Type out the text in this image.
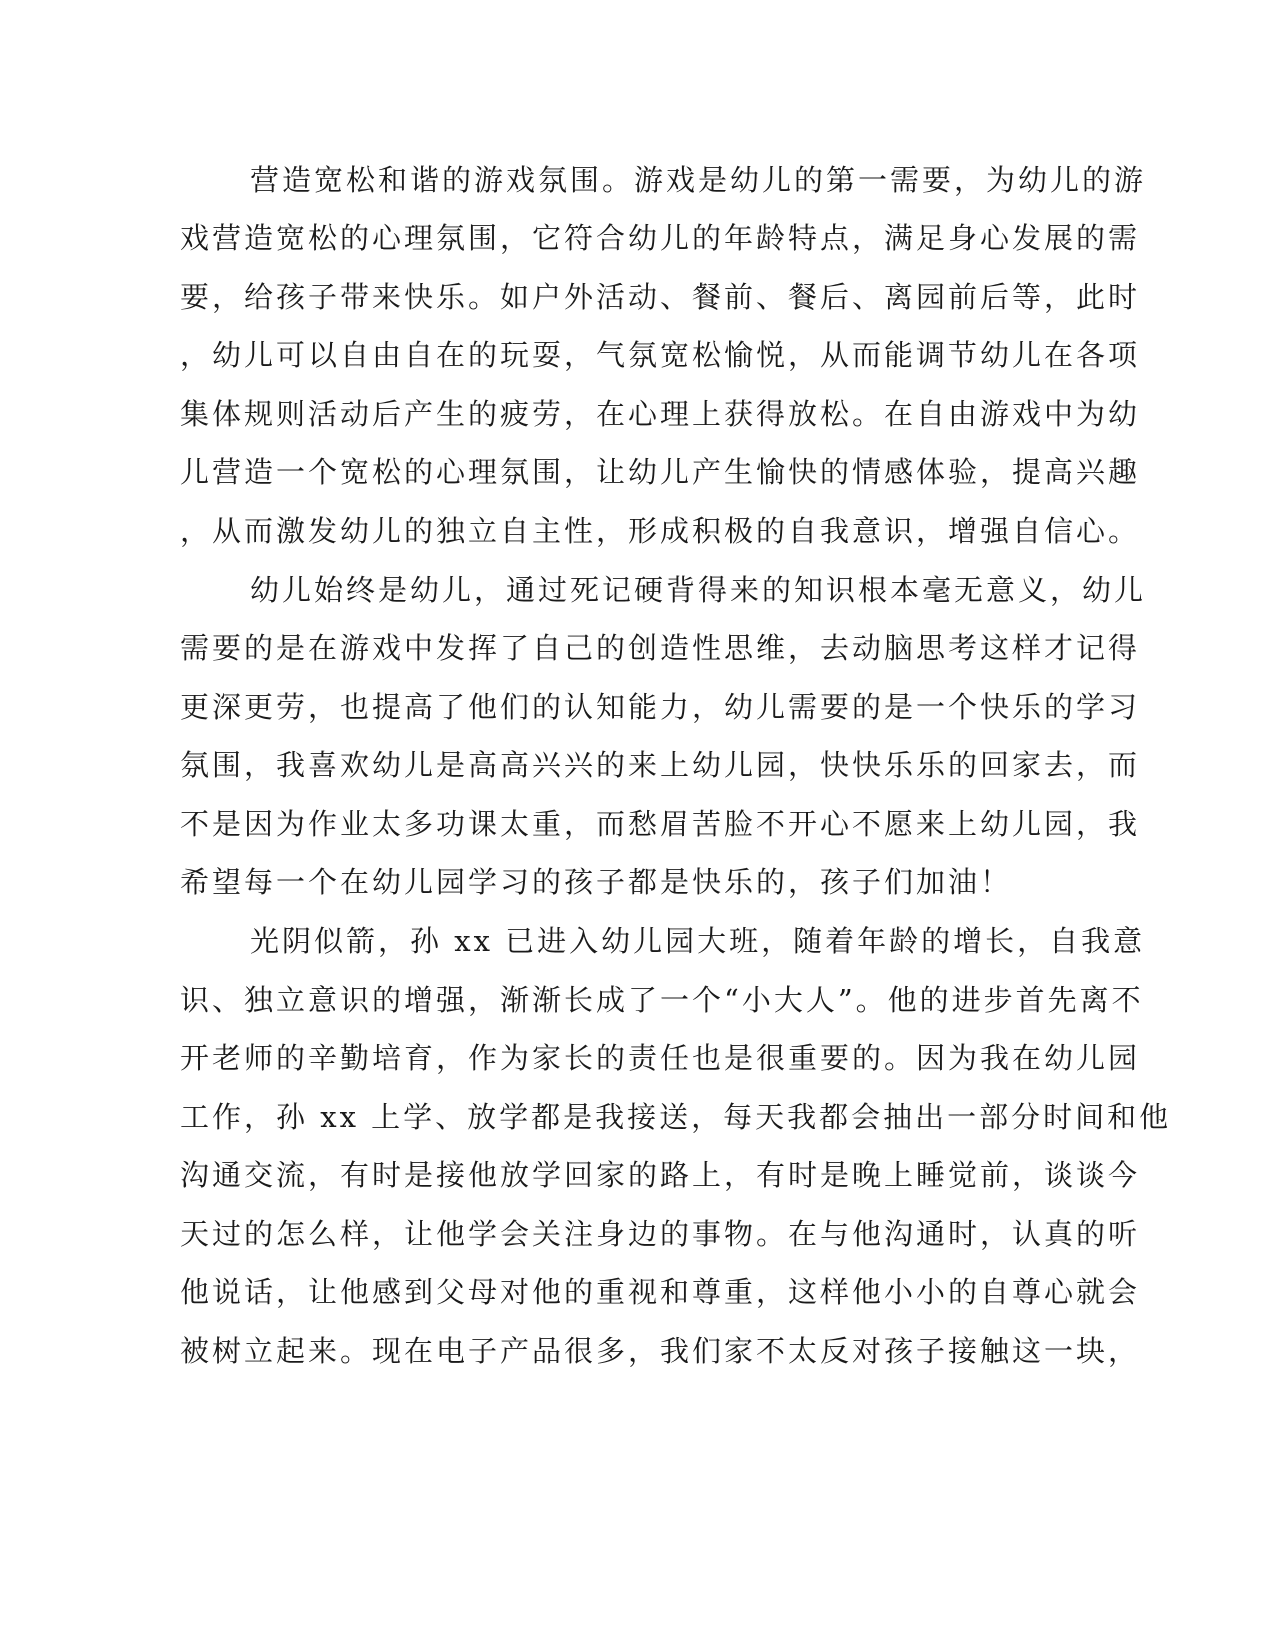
营造宽松和谐的游戏氛围。游戏是幼儿的第一需要，为幼儿的游
戏营造宽松的心理氛围，它符合幼儿的年龄特点，满足身心发展的需
要，给孩子带来快乐。如户外活动、餐前、餐后、离园前后等，此时
，幼儿可以自由自在的玩耍，气氛宽松愉悦，从而能调节幼儿在各项
集体规则活动后产生的疲劳，在心理上获得放松。在自由游戏中为幼
儿营造一个宽松的心理氛围，让幼儿产生愉快的情感体验，提高兴趣
，从而激发幼儿的独立自主性，形成积极的自我意识，增强自信心。
幼儿始终是幼儿，通过死记硬背得来的知识根本毫无意义，幼儿
需要的是在游戏中发挥了自己的创造性思维，去动脑思考这样才记得
更深更劳，也提高了他们的认知能力，幼儿需要的是一个快乐的学习
氛围，我喜欢幼儿是高高兴兴的来上幼儿园，快快乐乐的回家去，而
不是因为作业太多功课太重，而愁眉苦脸不开心不愿来上幼儿园，我
希望每一个在幼儿园学习的孩子都是快乐的，孩子们加油！
光阴似箭，孙 xx 已进入幼儿园大班，随着年龄的增长，自我意
识、独立意识的增强，渐渐长成了一个“小大人”。他的进步首先离不
开老师的辛勤培育，作为家长的责任也是很重要的。因为我在幼儿园
工作，孙 xx 上学、放学都是我接送，每天我都会抽出一部分时间和他
沟通交流，有时是接他放学回家的路上，有时是晚上睡觉前，谈谈今
天过的怎么样，让他学会关注身边的事物。在与他沟通时，认真的听
他说话，让他感到父母对他的重视和尊重，这样他小小的自尊心就会
被树立起来。现在电子产品很多，我们家不太反对孩子接触这一块，
